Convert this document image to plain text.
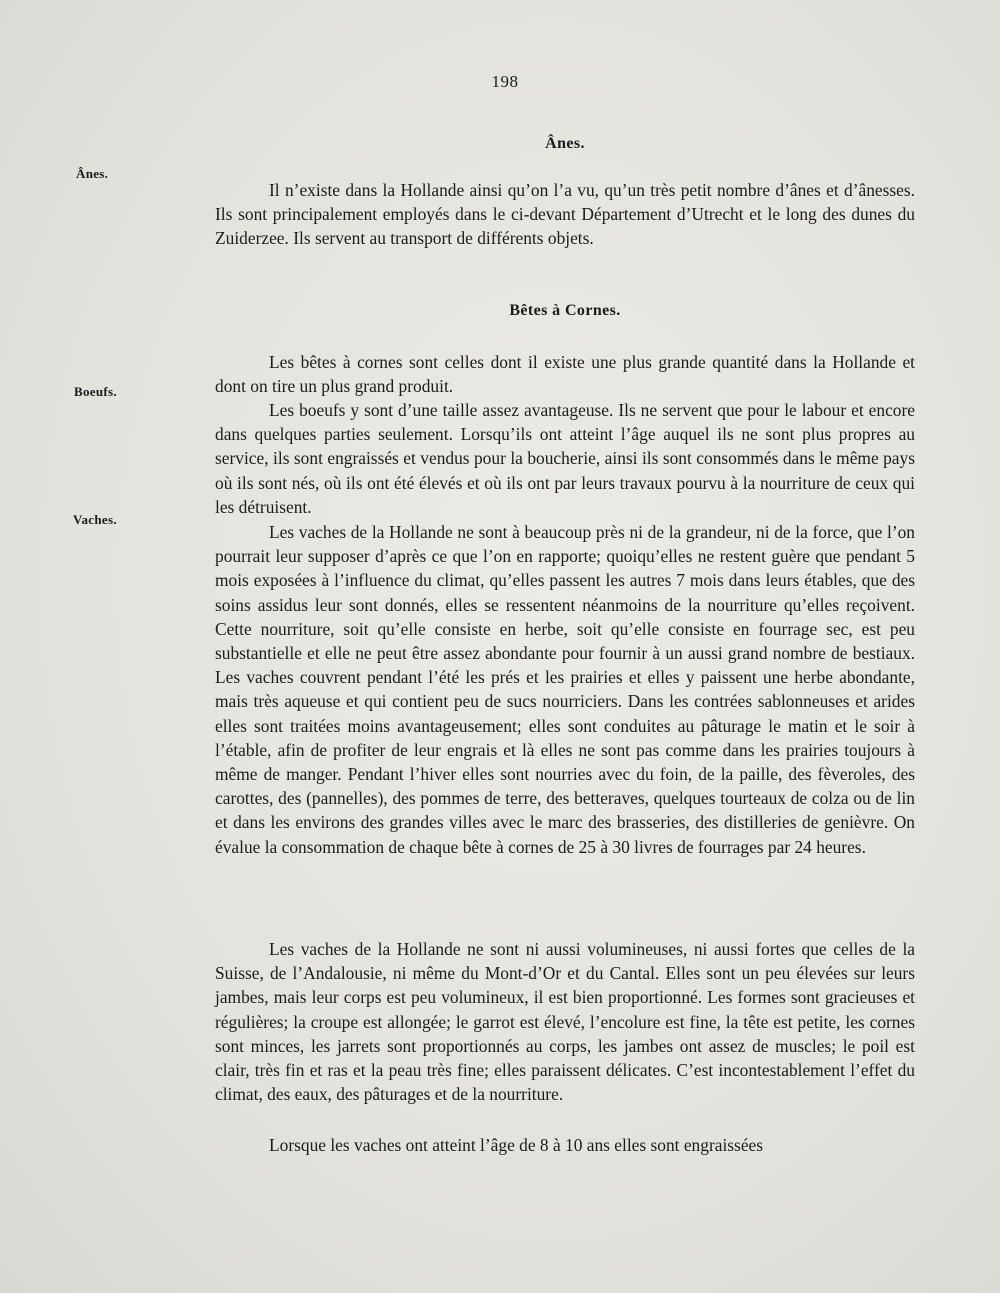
198
Ânes.
Boeufs.
Vaches.
Ânes.

Il n’existe dans la Hollande ainsi qu’on l’a vu, qu’un très petit nombre d’ânes et d’ânesses. Ils sont principalement employés dans le ci-devant Département d’Utrecht et le long des dunes du Zuiderzee. Ils servent au transport de différents objets.

Bêtes à Cornes.

Les bêtes à cornes sont celles dont il existe une plus grande quantité dans la Hollande et dont on tire un plus grand produit.

Les boeufs y sont d’une taille assez avantageuse. Ils ne servent que pour le labour et encore dans quelques parties seulement. Lorsqu’ils ont atteint l’âge auquel ils ne sont plus propres au service, ils sont engraissés et vendus pour la boucherie, ainsi ils sont consommés dans le même pays où ils sont nés, où ils ont été élevés et où ils ont par leurs travaux pourvu à la nourriture de ceux qui les détruisent.

Les vaches de la Hollande ne sont à beaucoup près ni de la grandeur, ni de la force, que l’on pourrait leur supposer d’après ce que l’on en rapporte; quoiqu’elles ne restent guère que pendant 5 mois exposées à l’influence du climat, qu’elles passent les autres 7 mois dans leurs étables, que des soins assidus leur sont donnés, elles se ressentent néanmoins de la nourriture qu’elles reçoivent. Cette nourriture, soit qu’elle consiste en herbe, soit qu’elle consiste en fourrage sec, est peu substantielle et elle ne peut être assez abondante pour fournir à un aussi grand nombre de bestiaux. Les vaches couvrent pendant l’été les prés et les prairies et elles y paissent une herbe abondante, mais très aqueuse et qui contient peu de sucs nourriciers. Dans les contrées sablonneuses et arides elles sont traitées moins avantageusement; elles sont conduites au pâturage le matin et le soir à l’étable, afin de profiter de leur engrais et là elles ne sont pas comme dans les prairies toujours à même de manger. Pendant l’hiver elles sont nourries avec du foin, de la paille, des fèveroles, des carottes, des (pannelles), des pommes de terre, des betteraves, quelques tourteaux de colza ou de lin et dans les environs des grandes villes avec le marc des brasseries, des distilleries de genièvre. On évalue la consommation de chaque bête à cornes de 25 à 30 livres de fourrages par 24 heures.

Les vaches de la Hollande ne sont ni aussi volumineuses, ni aussi fortes que celles de la Suisse, de l’Andalousie, ni même du Mont-d’Or et du Cantal. Elles sont un peu élevées sur leurs jambes, mais leur corps est peu volumineux, il est bien proportionné. Les formes sont gracieuses et régulières; la croupe est allongée; le garrot est élevé, l’encolure est fine, la tête est petite, les cornes sont minces, les jarrets sont proportionnés au corps, les jambes ont assez de muscles; le poil est clair, très fin et ras et la peau très fine; elles paraissent délicates. C’est incontestablement l’effet du climat, des eaux, des pâturages et de la nourriture.

Lorsque les vaches ont atteint l’âge de 8 à 10 ans elles sont engraissées
